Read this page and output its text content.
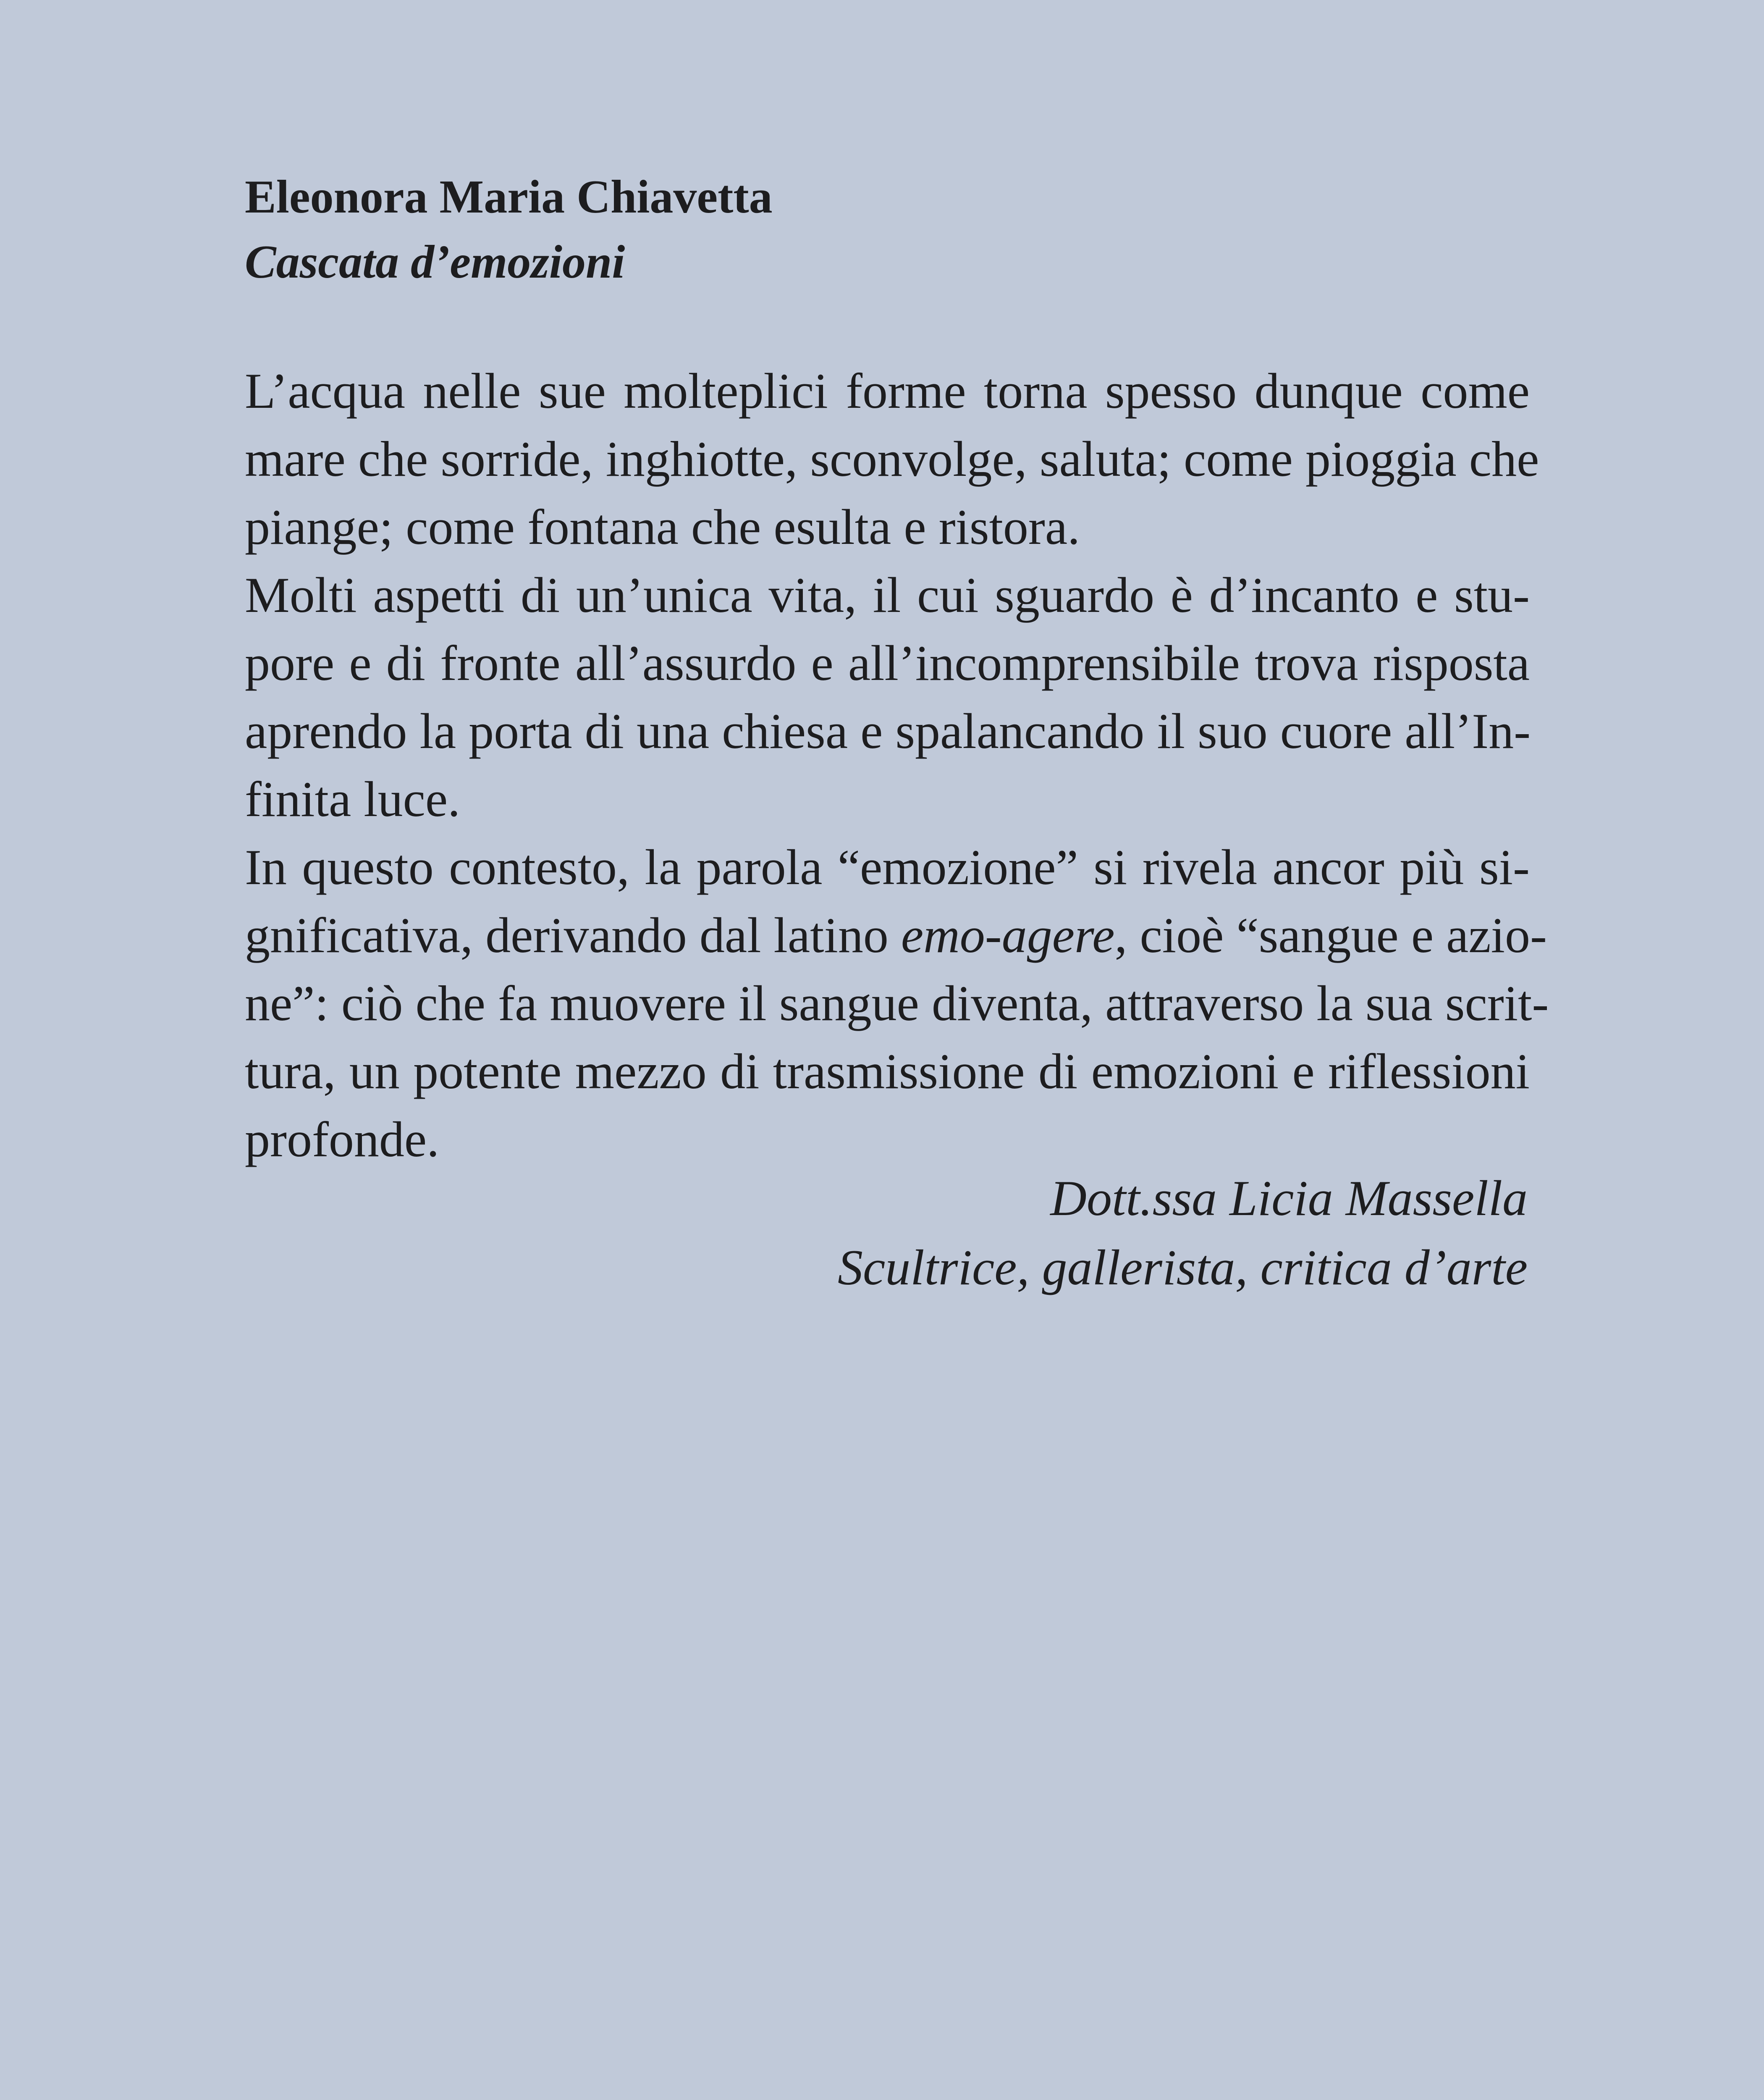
Eleonora Maria Chiavetta
Cascata d’emozioni
L’acqua nelle sue molteplici forme torna spesso dunque come
mare che sorride, inghiotte, sconvolge, saluta; come pioggia che
piange; come fontana che esulta e ristora.
Molti aspetti di un’unica vita, il cui sguardo è d’incanto e stu-
pore e di fronte all’assurdo e all’incomprensibile trova risposta
aprendo la porta di una chiesa e spalancando il suo cuore all’In-
finita luce.
In questo contesto, la parola “emozione” si rivela ancor più si-
gnificativa, derivando dal latino emo-agere, cioè “sangue e azio-
ne”: ciò che fa muovere il sangue diventa, attraverso la sua scrit-
tura, un potente mezzo di trasmissione di emozioni e riflessioni
profonde.
Dott.ssa Licia Massella
Scultrice, gallerista, critica d’arte
